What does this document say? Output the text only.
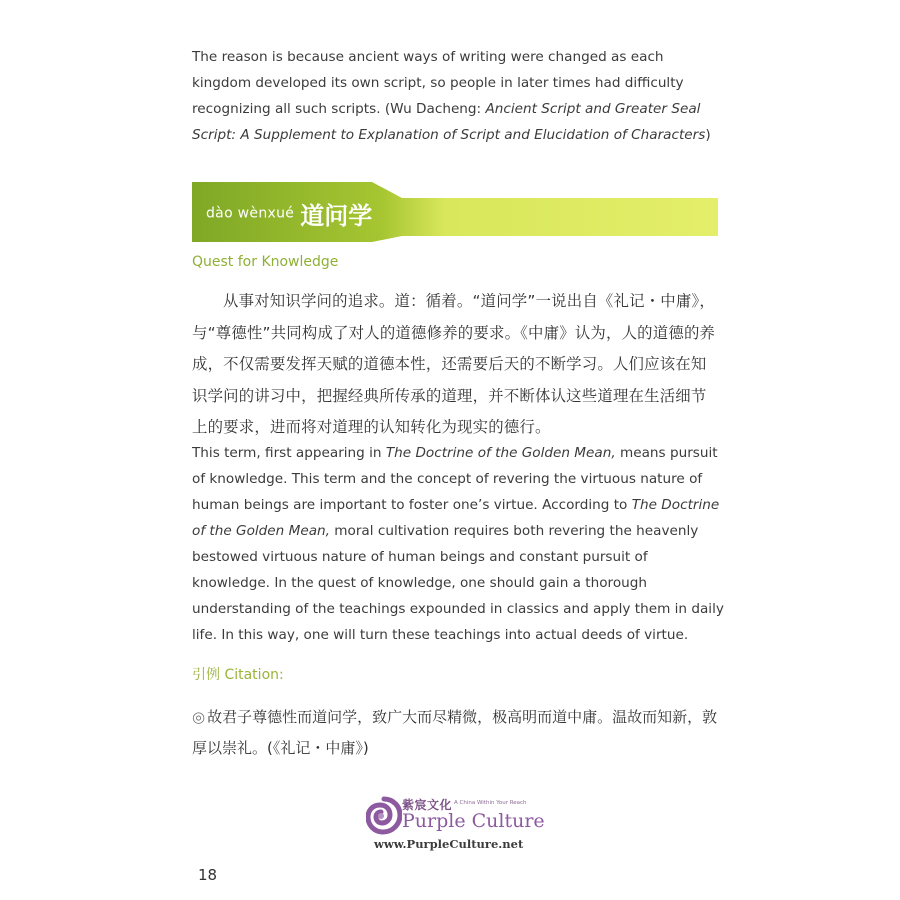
The reason is because ancient ways of writing were changed as each kingdom developed its own script, so people in later times had difficulty recognizing all such scripts. (Wu Dacheng: Ancient Script and Greater Seal Script: A Supplement to Explanation of Script and Elucidation of Characters)

dào wènxué 道问学

Quest for Knowledge

从事对知识学问的追求。道：循着。“道问学”一说出自《礼记・中庸》，与“尊德性”共同构成了对人的道德修养的要求。《中庸》认为，人的道德的养成，不仅需要发挥天赋的道德本性，还需要后天的不断学习。人们应该在知识学问的讲习中，把握经典所传承的道理，并不断体认这些道理在生活细节上的要求，进而将对道理的认知转化为现实的德行。

This term, first appearing in The Doctrine of the Golden Mean, means pursuit of knowledge. This term and the concept of revering the virtuous nature of human beings are important to foster one’s virtue. According to The Doctrine of the Golden Mean, moral cultivation requires both revering the heavenly bestowed virtuous nature of human beings and constant pursuit of knowledge. In the quest of knowledge, one should gain a thorough understanding of the teachings expounded in classics and apply them in daily life. In this way, one will turn these teachings into actual deeds of virtue.

引例 Citation:

◎ 故君子尊德性而道问学，致广大而尽精微，极高明而道中庸。温故而知新，敦厚以崇礼。(《礼记・中庸》)

紫宸文化 A China Within Your Reach
Purple Culture
www.PurpleCulture.net

18
